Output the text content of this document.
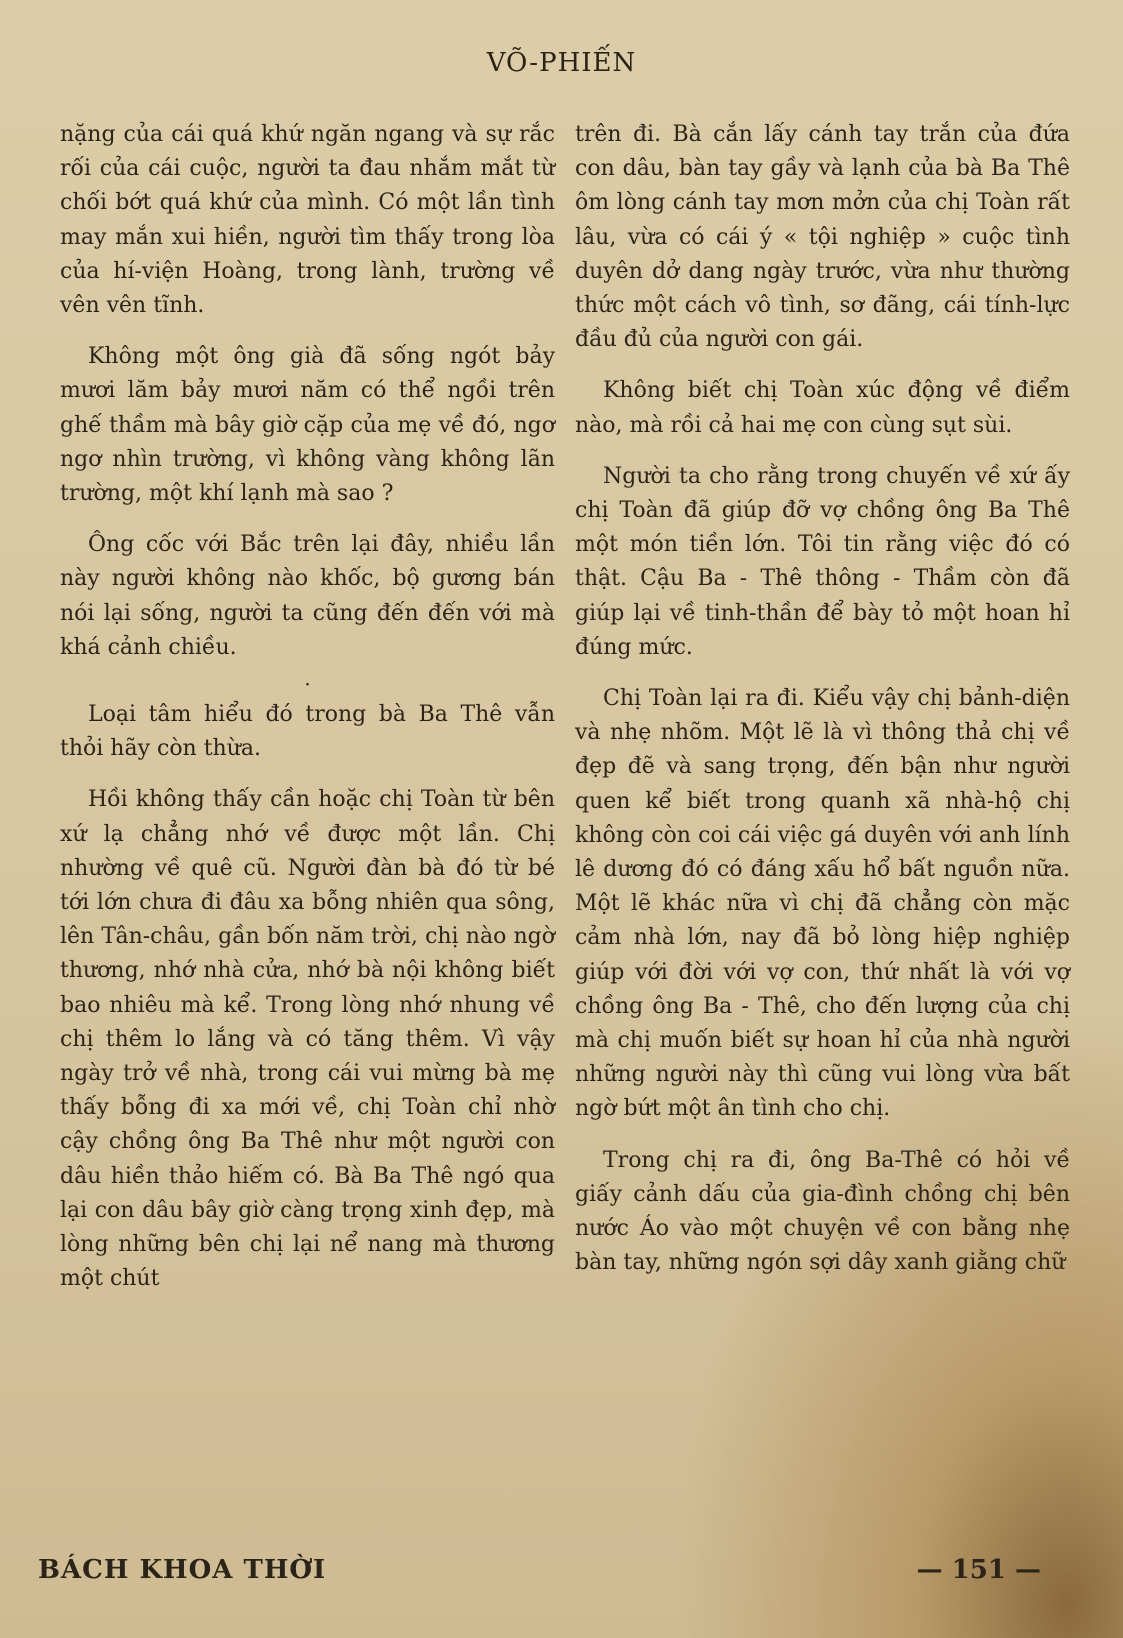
VÕ-PHIẾN

nặng của cái quá khứ ngăn ngang và sự rắc rối của cái cuộc, người ta đau nhắm mắt từ chối bớt quá khứ của mình. Có một lần tình may mắn xui hiền, người tìm thấy trong lòa của hí-viện Hoàng, trong lành, trường về vên vên tĩnh.

Không một ông già đã sống ngót bảy mươi lăm bảy mươi năm có thể ngồi trên ghế thầm mà bây giờ cặp của mẹ về đó, ngơ ngơ nhìn trường, vì không vàng không lãn trường, một khí lạnh mà sao ?

Ông cốc với Bắc trên lại đây, nhiều lần này người không nào khốc, bộ gương bán nói lại sống, người ta cũng đến đến với mà khá cảnh chiều.

·

Loại tâm hiểu đó trong bà Ba Thê vẫn thỏi hãy còn thừa.

Hồi không thấy cần hoặc chị Toàn từ bên xứ lạ chẳng nhớ về được một lần. Chị nhường về quê cũ. Người đàn bà đó từ bé tới lớn chưa đi đâu xa bỗng nhiên qua sông, lên Tân-châu, gần bốn năm trời, chị nào ngờ thương, nhớ nhà cửa, nhớ bà nội không biết bao nhiêu mà kể. Trong lòng nhớ nhung về chị thêm lo lắng và có tăng thêm. Vì vậy ngày trở về nhà, trong cái vui mừng bà mẹ thấy bỗng đi xa mới về, chị Toàn chỉ nhờ cậy chồng ông Ba Thê như một người con dâu hiền thảo hiếm có. Bà Ba Thê ngó qua lại con dâu bây giờ càng trọng xinh đẹp, mà lòng những bên chị lại nể nang mà thương một chút

trên đi. Bà cắn lấy cánh tay trắn của đứa con dâu, bàn tay gầy và lạnh của bà Ba Thê ôm lòng cánh tay mơn mởn của chị Toàn rất lâu, vừa có cái ý « tội nghiệp » cuộc tình duyên dở dang ngày trước, vừa như thường thức một cách vô tình, sơ đãng, cái tính-lực đầu đủ của người con gái.

Không biết chị Toàn xúc động về điểm nào, mà rồi cả hai mẹ con cùng sụt sùi.

Người ta cho rằng trong chuyến về xứ ấy chị Toàn đã giúp đỡ vợ chồng ông Ba Thê một món tiền lớn. Tôi tin rằng việc đó có thật. Cậu Ba - Thê thông - Thầm còn đã giúp lại về tinh-thần để bày tỏ một hoan hỉ đúng mức.

Chị Toàn lại ra đi. Kiểu vậy chị bảnh-diện và nhẹ nhõm. Một lẽ là vì thông thả chị về đẹp đẽ và sang trọng, đến bận như người quen kể biết trong quanh xã nhà-hộ chị không còn coi cái việc gá duyên với anh lính lê dương đó có đáng xấu hổ bất nguồn nữa. Một lẽ khác nữa vì chị đã chẳng còn mặc cảm nhà lớn, nay đã bỏ lòng hiệp nghiệp giúp với đời với vợ con, thứ nhất là với vợ chồng ông Ba - Thê, cho đến lượng của chị mà chị muốn biết sự hoan hỉ của nhà người những người này thì cũng vui lòng vừa bất ngờ bứt một ân tình cho chị.

Trong chị ra đi, ông Ba-Thê có hỏi về giấy cảnh dấu của gia-đình chồng chị bên nước Áo vào một chuyện về con bằng nhẹ bàn tay, những ngón sợi dây xanh giằng chữ

BÁCH KHOA THỜI	— 151 —
